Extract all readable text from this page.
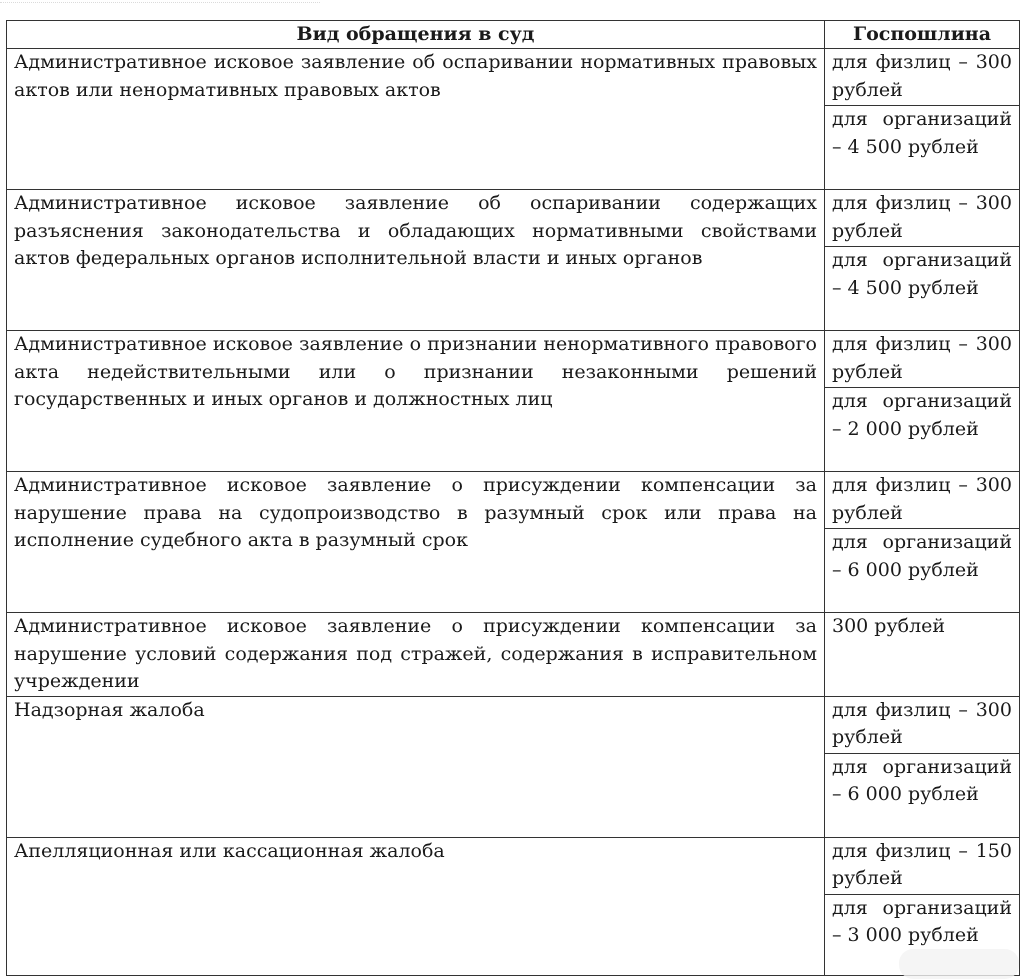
Вид обращения в суд	Госпошлина
Административное исковое заявление об оспаривании нормативных правовых актов или ненормативных правовых актов	для физлиц – 300 рублей
	для организаций – 4 500 рублей
Административное исковое заявление об оспаривании содержащих разъяснения законодательства и обладающих нормативными свойствами актов федеральных органов исполнительной власти и иных органов	для физлиц – 300 рублей
	для организаций – 4 500 рублей
Административное исковое заявление о признании ненормативного правового акта недействительными или о признании незаконными решений государственных и иных органов и должностных лиц	для физлиц – 300 рублей
	для организаций – 2 000 рублей
Административное исковое заявление о присуждении компенсации за нарушение права на судопроизводство в разумный срок или права на исполнение судебного акта в разумный срок	для физлиц – 300 рублей
	для организаций – 6 000 рублей
Административное исковое заявление о присуждении компенсации за нарушение условий содержания под стражей, содержания в исправительном учреждении	300 рублей
Надзорная жалоба	для физлиц – 300 рублей
	для организаций – 6 000 рублей
Апелляционная или кассационная жалоба	для физлиц – 150 рублей
	для организаций – 3 000 рублей
